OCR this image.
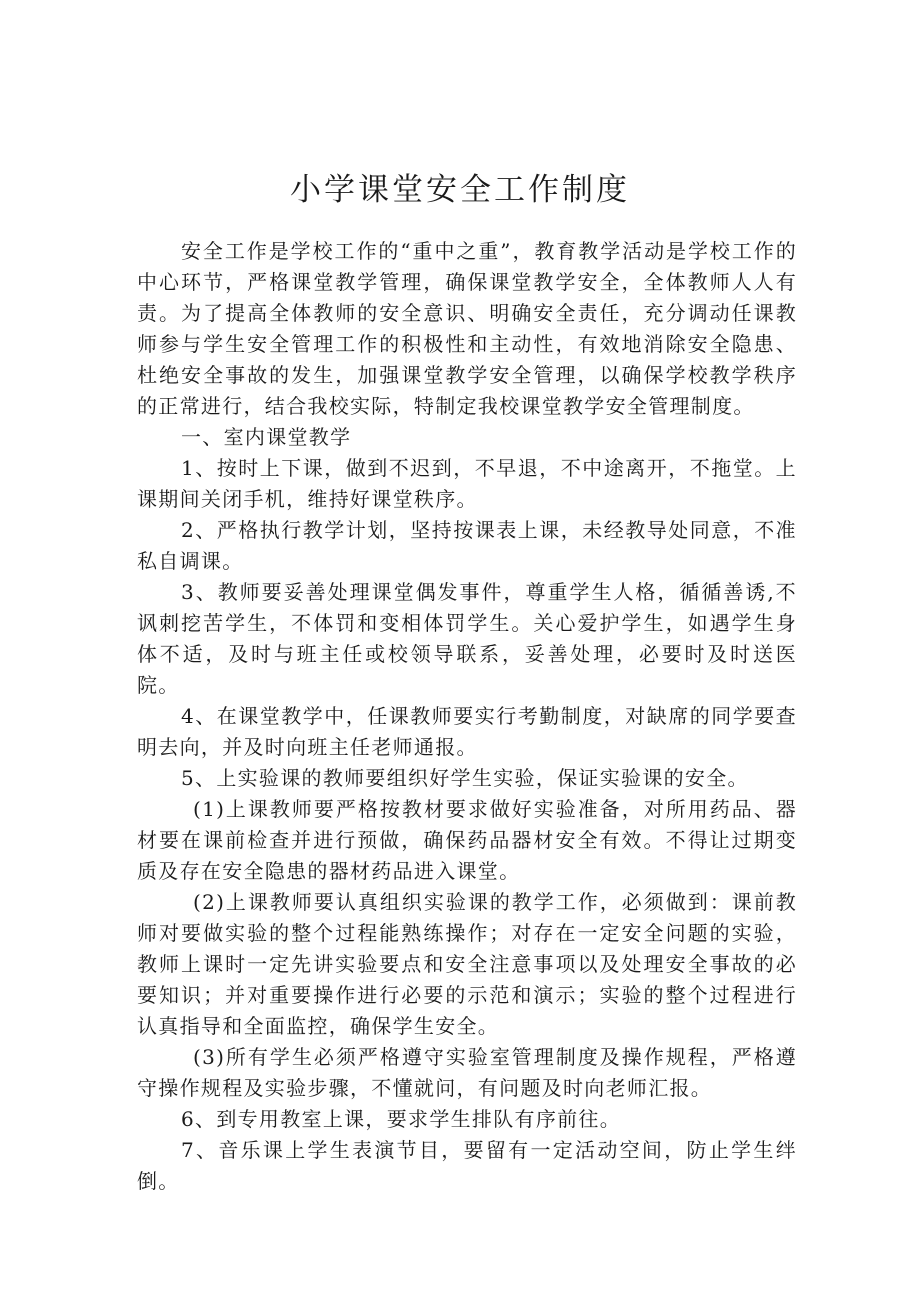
小学课堂安全工作制度

安全工作是学校工作的“重中之重”，教育教学活动是学校工作的中心环节，严格课堂教学管理，确保课堂教学安全，全体教师人人有责。为了提高全体教师的安全意识、明确安全责任，充分调动任课教师参与学生安全管理工作的积极性和主动性，有效地消除安全隐患、杜绝安全事故的发生，加强课堂教学安全管理，以确保学校教学秩序的正常进行，结合我校实际，特制定我校课堂教学安全管理制度。

一、室内课堂教学

1、按时上下课，做到不迟到，不早退，不中途离开，不拖堂。上课期间关闭手机，维持好课堂秩序。

2、严格执行教学计划，坚持按课表上课，未经教导处同意，不准私自调课。

3、教师要妥善处理课堂偶发事件，尊重学生人格，循循善诱,不讽刺挖苦学生，不体罚和变相体罚学生。关心爱护学生，如遇学生身体不适，及时与班主任或校领导联系，妥善处理，必要时及时送医院。

4、在课堂教学中，任课教师要实行考勤制度，对缺席的同学要查明去向，并及时向班主任老师通报。

5、上实验课的教师要组织好学生实验，保证实验课的安全。

(1)上课教师要严格按教材要求做好实验准备，对所用药品、器材要在课前检查并进行预做，确保药品器材安全有效。不得让过期变质及存在安全隐患的器材药品进入课堂。

(2)上课教师要认真组织实验课的教学工作，必须做到：课前教师对要做实验的整个过程能熟练操作；对存在一定安全问题的实验，教师上课时一定先讲实验要点和安全注意事项以及处理安全事故的必要知识；并对重要操作进行必要的示范和演示；实验的整个过程进行认真指导和全面监控，确保学生安全。

(3)所有学生必须严格遵守实验室管理制度及操作规程，严格遵守操作规程及实验步骤，不懂就问，有问题及时向老师汇报。

6、到专用教室上课，要求学生排队有序前往。

7、音乐课上学生表演节目，要留有一定活动空间，防止学生绊倒。
